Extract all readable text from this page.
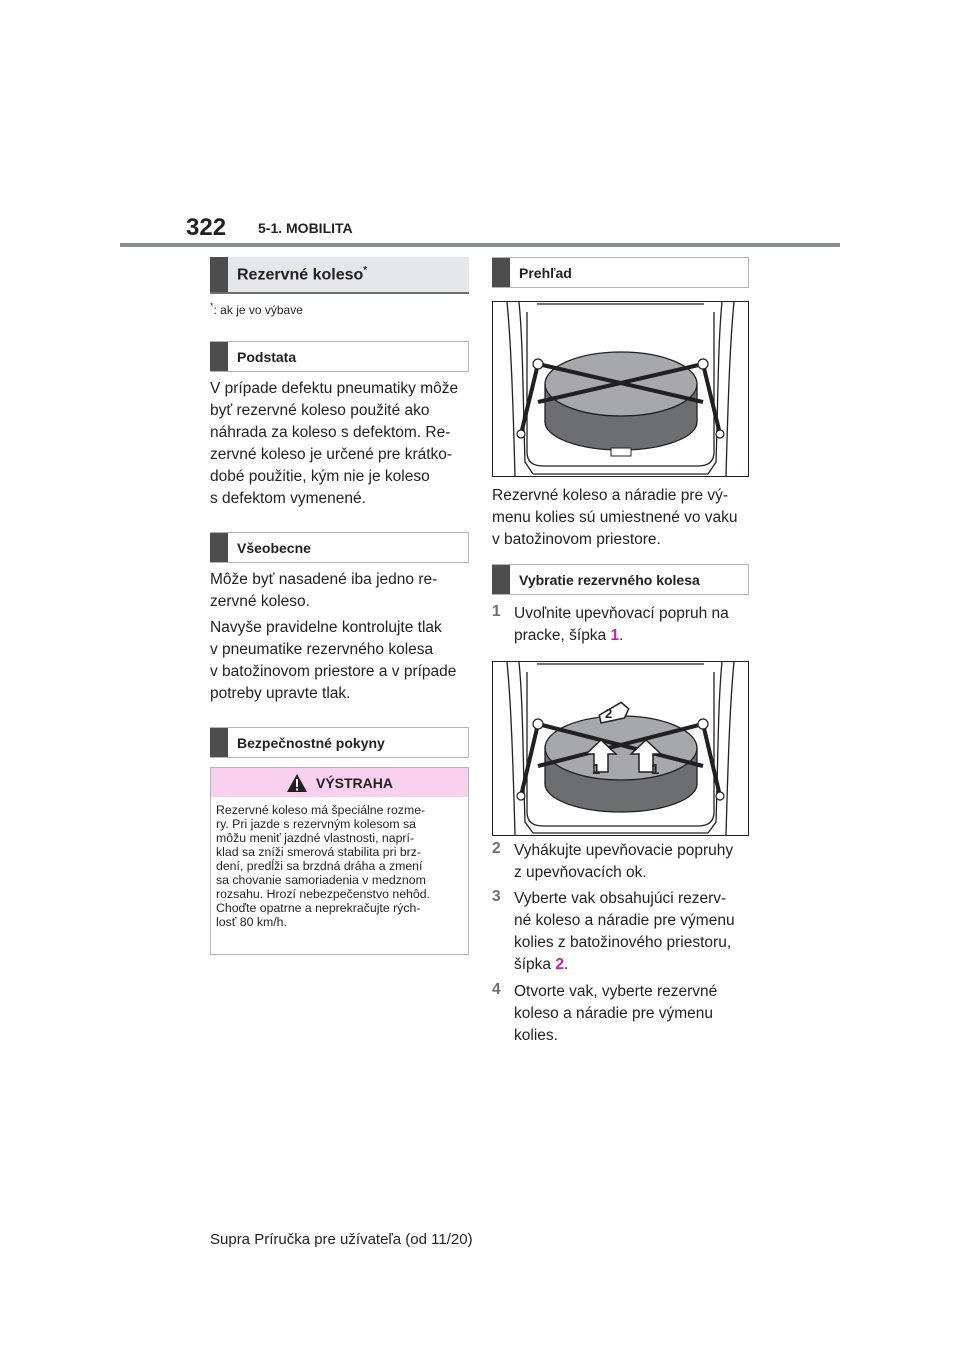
322 5-1. MOBILITA
Rezervné koleso*
*: ak je vo výbave
Podstata
V prípade defektu pneumatiky môže
byť rezervné koleso použité ako
náhrada za koleso s defektom. Re-
zervné koleso je určené pre krátko-
dobé použitie, kým nie je koleso
s defektom vymenené.
Všeobecne
Môže byť nasadené iba jedno re-
zervné koleso.
Navyše pravidelne kontrolujte tlak
v pneumatike rezervného kolesa
v batožinovom priestore a v prípade
potreby upravte tlak.
Bezpečnostné pokyny
VÝSTRAHA
Rezervné koleso má špeciálne rozme-
ry. Pri jazde s rezervným kolesom sa
môžu meniť jazdné vlastnosti, naprí-
klad sa zníži smerová stabilita pri brz-
dení, predĺži sa brzdná dráha a zmení
sa chovanie samoriadenia v medznom
rozsahu. Hrozí nebezpečenstvo nehôd.
Choďte opatrne a neprekračujte rých-
losť 80 km/h.
Prehľad
Rezervné koleso a náradie pre vý-
menu kolies sú umiestnené vo vaku
v batožinovom priestore.
Vybratie rezervného kolesa
1 Uvoľnite upevňovací popruh na
pracke, šípka 1.
1	1
2
2 Vyhákujte upevňovacie popruhy
z upevňovacích ok.
3 Vyberte vak obsahujúci rezerv-
né koleso a náradie pre výmenu
kolies z batožinového priestoru,
šípka 2.
4 Otvorte vak, vyberte rezervné
koleso a náradie pre výmenu
kolies.
Supra Príručka pre užívateľa (od 11/20)
